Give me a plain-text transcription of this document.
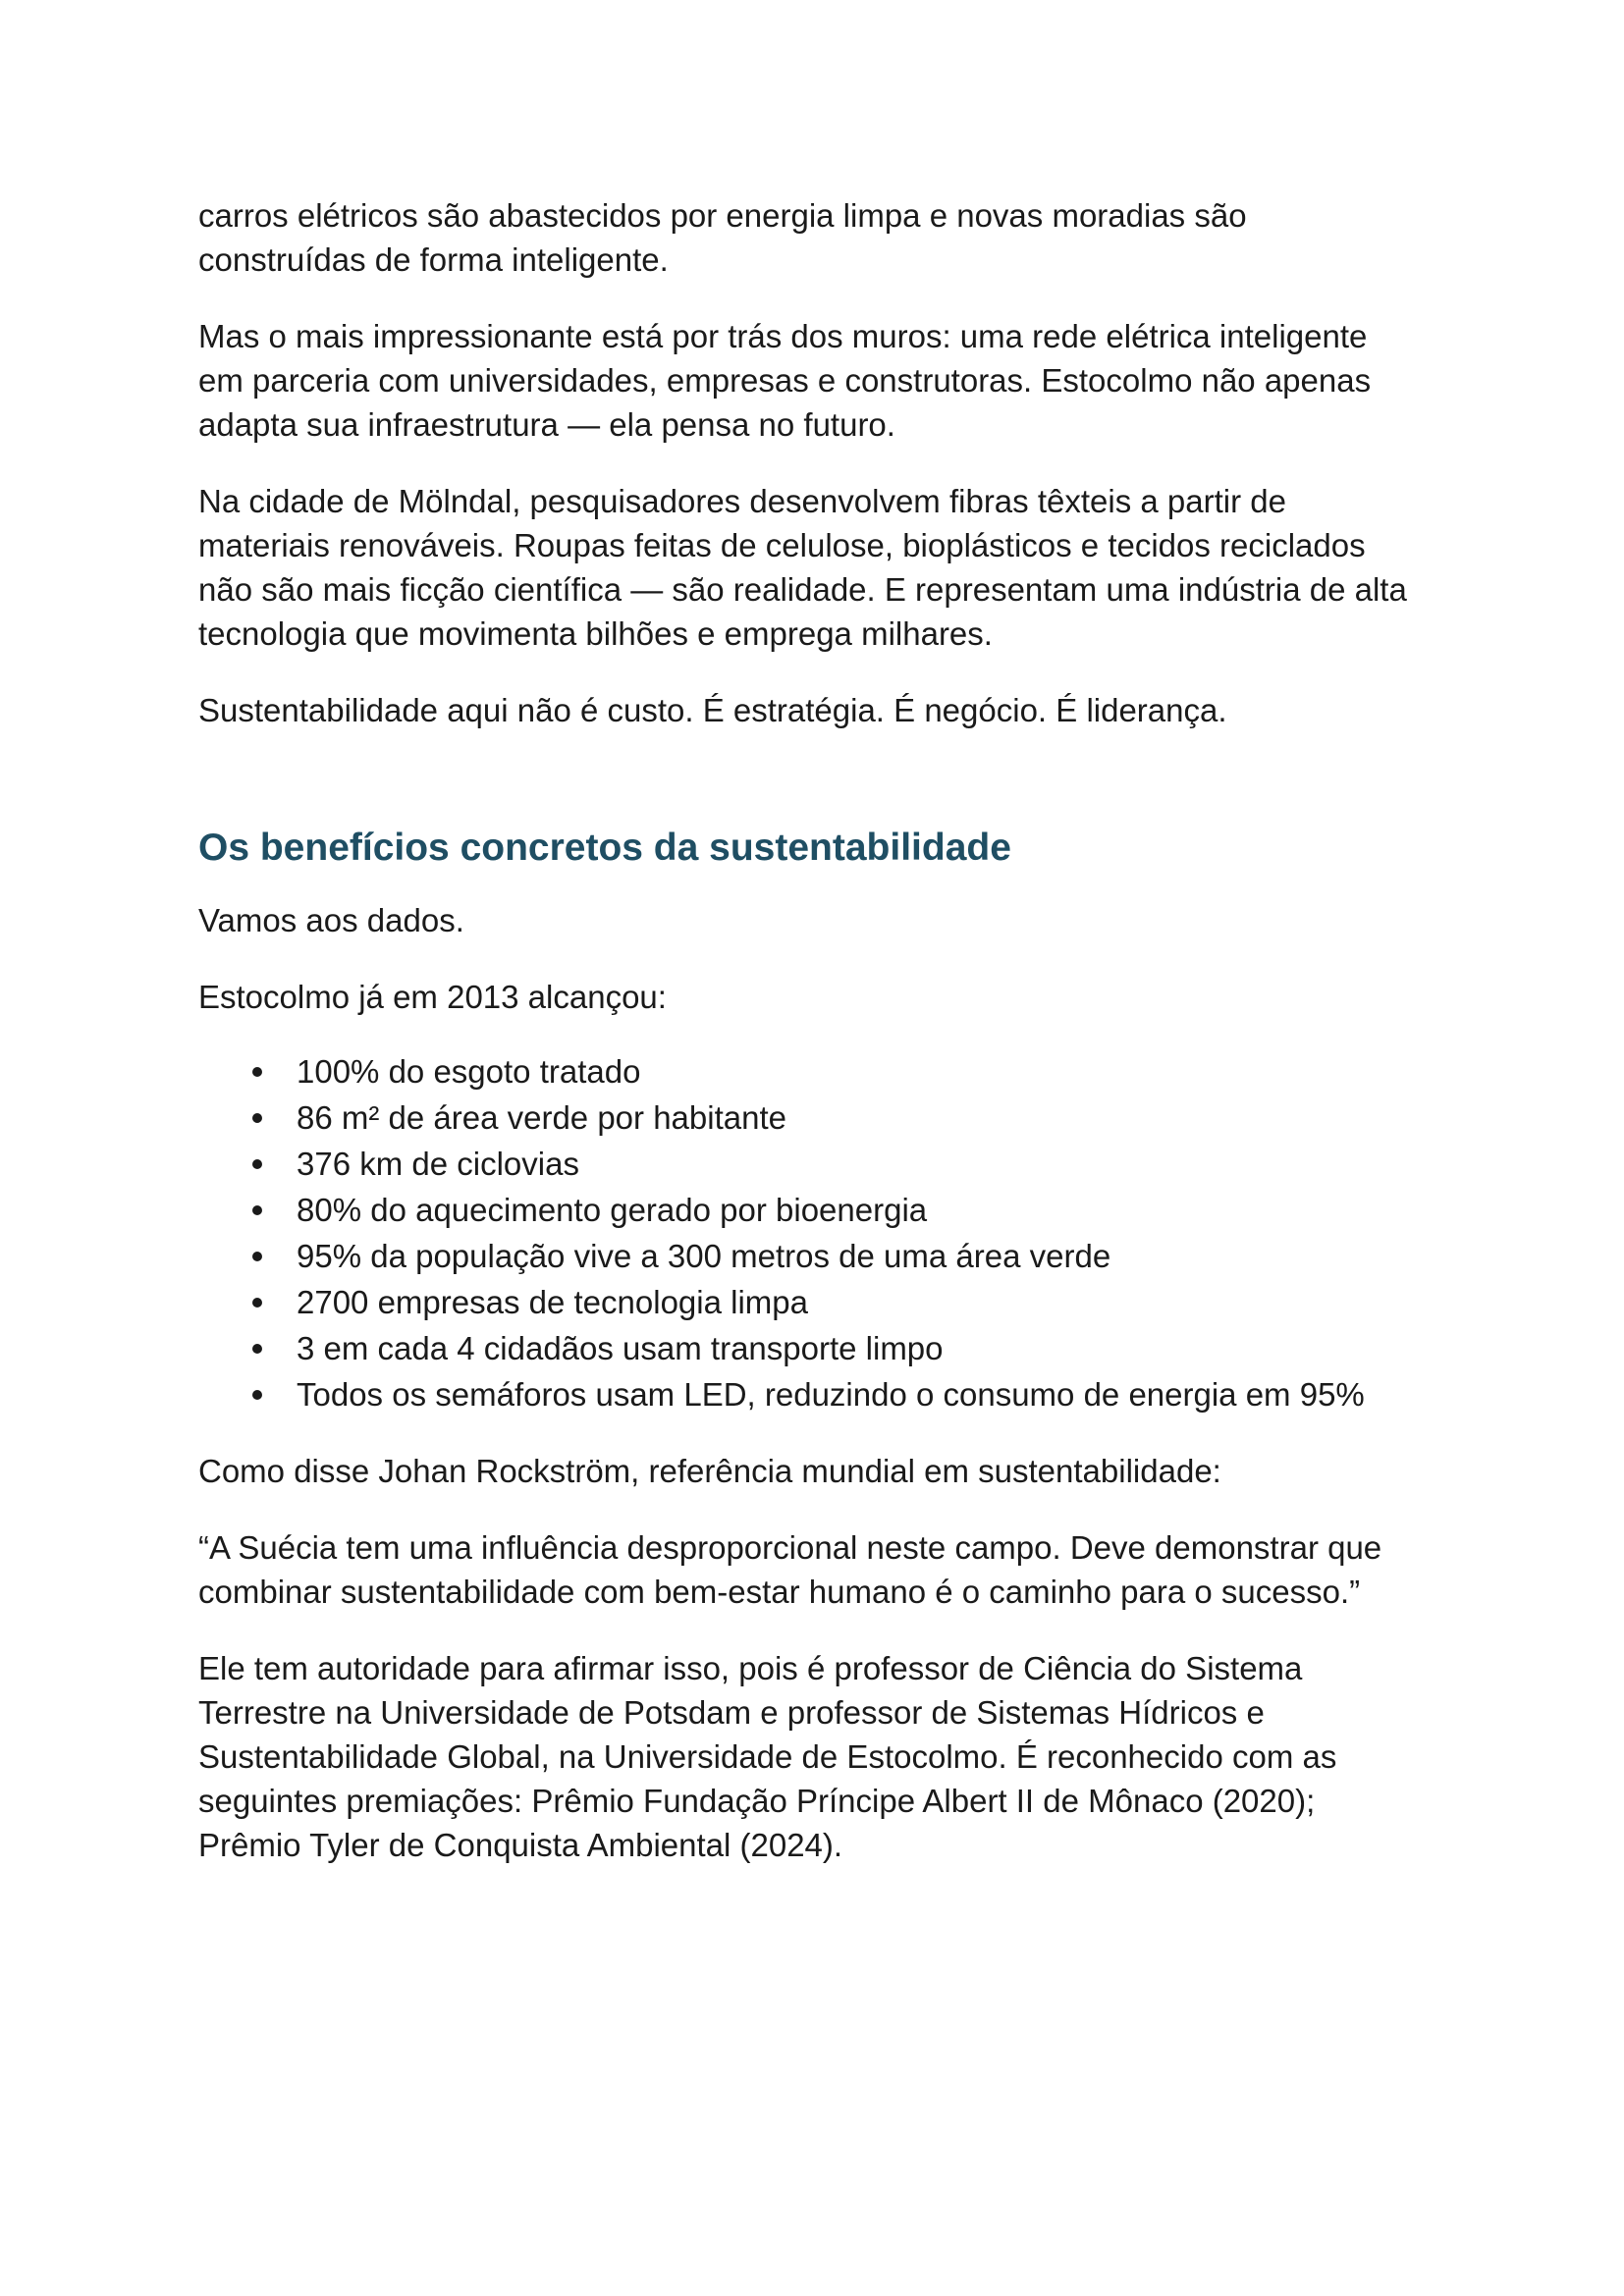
carros elétricos são abastecidos por energia limpa e novas moradias são
construídas de forma inteligente.

Mas o mais impressionante está por trás dos muros: uma rede elétrica inteligente
em parceria com universidades, empresas e construtoras. Estocolmo não apenas
adapta sua infraestrutura — ela pensa no futuro.

Na cidade de Mölndal, pesquisadores desenvolvem fibras têxteis a partir de
materiais renováveis. Roupas feitas de celulose, bioplásticos e tecidos reciclados
não são mais ficção científica — são realidade. E representam uma indústria de alta
tecnologia que movimenta bilhões e emprega milhares.

Sustentabilidade aqui não é custo. É estratégia. É negócio. É liderança.

Os benefícios concretos da sustentabilidade

Vamos aos dados.

Estocolmo já em 2013 alcançou:

100% do esgoto tratado
86 m² de área verde por habitante
376 km de ciclovias
80% do aquecimento gerado por bioenergia
95% da população vive a 300 metros de uma área verde
2700 empresas de tecnologia limpa
3 em cada 4 cidadãos usam transporte limpo
Todos os semáforos usam LED, reduzindo o consumo de energia em 95%

Como disse Johan Rockström, referência mundial em sustentabilidade:

“A Suécia tem uma influência desproporcional neste campo. Deve demonstrar que
combinar sustentabilidade com bem-estar humano é o caminho para o sucesso.”

Ele tem autoridade para afirmar isso, pois é professor de Ciência do Sistema
Terrestre na Universidade de Potsdam e professor de Sistemas Hídricos e
Sustentabilidade Global, na Universidade de Estocolmo. É reconhecido com as
seguintes premiações: Prêmio Fundação Príncipe Albert II de Mônaco (2020);
Prêmio Tyler de Conquista Ambiental (2024).
